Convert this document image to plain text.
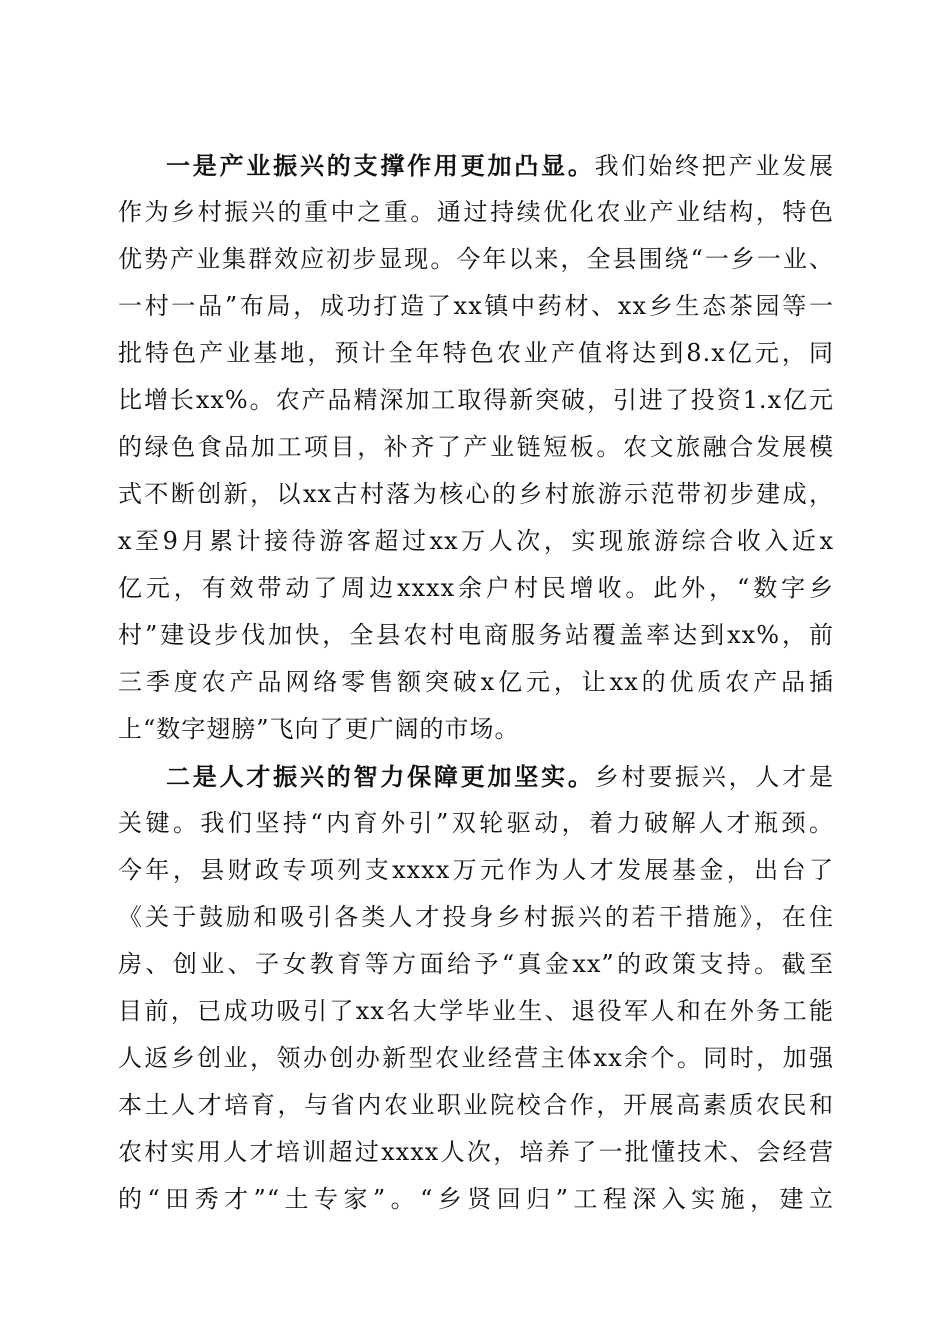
一是产业振兴的支撑作用更加凸显。我们始终把产业发展
作为乡村振兴的重中之重。通过持续优化农业产业结构，特色
优势产业集群效应初步显现。今年以来，全县围绕“一乡一业、
一村一品”布局，成功打造了xx镇中药材、xx乡生态茶园等一
批特色产业基地，预计全年特色农业产值将达到8.x亿元，同
比增长xx%。农产品精深加工取得新突破，引进了投资1.x亿元
的绿色食品加工项目，补齐了产业链短板。农文旅融合发展模
式不断创新，以xx古村落为核心的乡村旅游示范带初步建成，
x至9月累计接待游客超过xx万人次，实现旅游综合收入近x
亿元，有效带动了周边xxxx余户村民增收。此外，“数字乡
村”建设步伐加快，全县农村电商服务站覆盖率达到xx%，前
三季度农产品网络零售额突破x亿元，让xx的优质农产品插
上“数字翅膀”飞向了更广阔的市场。
二是人才振兴的智力保障更加坚实。乡村要振兴，人才是
关键。我们坚持“内育外引”双轮驱动，着力破解人才瓶颈。
今年，县财政专项列支xxxx万元作为人才发展基金，出台了
《关于鼓励和吸引各类人才投身乡村振兴的若干措施》，在住
房、创业、子女教育等方面给予“真金xx”的政策支持。截至
目前，已成功吸引了xx名大学毕业生、退役军人和在外务工能
人返乡创业，领办创办新型农业经营主体xx余个。同时，加强
本土人才培育，与省内农业职业院校合作，开展高素质农民和
农村实用人才培训超过xxxx人次，培养了一批懂技术、会经营
的“田秀才”“土专家”。“乡贤回归”工程深入实施，建立
